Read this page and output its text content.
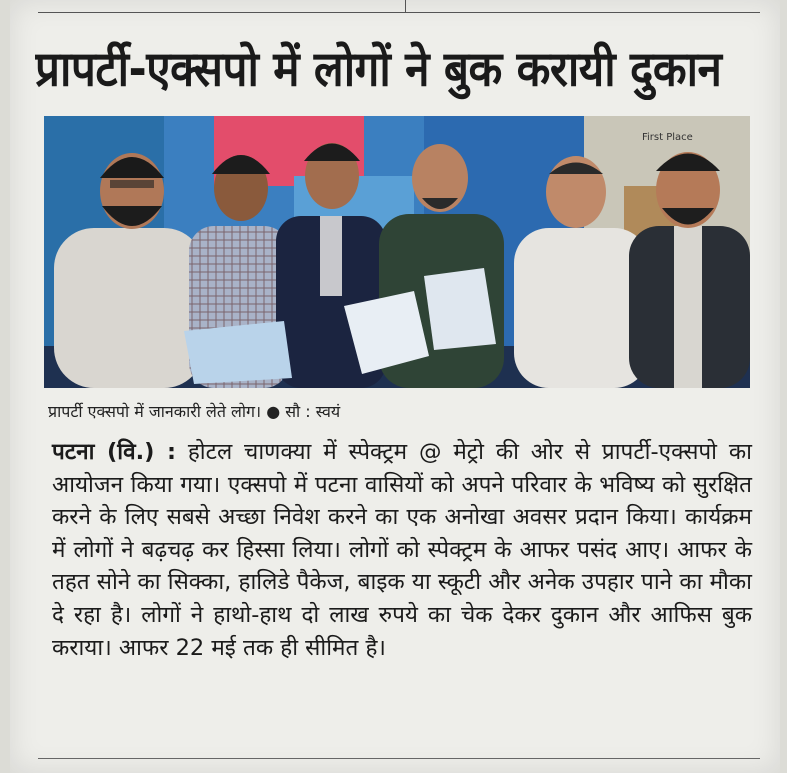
प्रापर्टी-एक्सपो में लोगों ने बुक करायी दुकान
First Place
प्रापर्टी एक्सपो में जानकारी लेते लोग। ● सौ : स्वयं
पटना (वि.) : होटल चाणक्या में स्पेक्ट्रम @ मेट्रो की ओर से प्रापर्टी-एक्सपो का आयोजन किया गया। एक्सपो में पटना वासियों को अपने परिवार के भविष्य को सुरक्षित करने के लिए सबसे अच्छा निवेश करने का एक अनोखा अवसर प्रदान किया। कार्यक्रम में लोगों ने बढ़चढ़ कर हिस्सा लिया। लोगों को स्पेक्ट्रम के आफर पसंद आए। आफर के तहत सोने का सिक्का, हालिडे पैकेज, बाइक या स्कूटी और अनेक उपहार पाने का मौका दे रहा है। लोगों ने हाथो-हाथ दो लाख रुपये का चेक देकर दुकान और आफिस बुक कराया। आफर 22 मई तक ही सीमित है।
